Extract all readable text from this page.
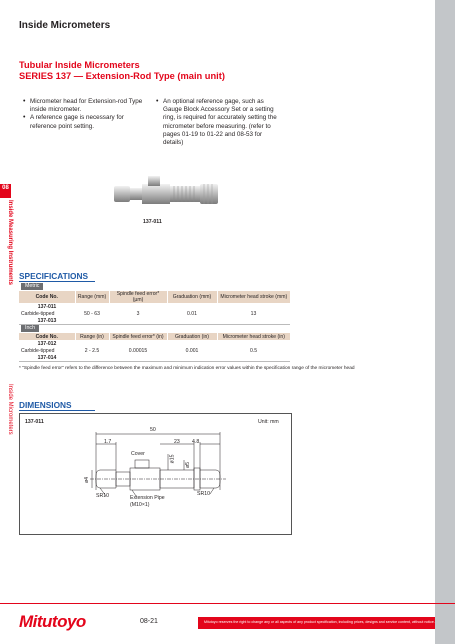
08
Inside Measuring Instruments
Inside Micrometers
Inside Micrometers
Tubular Inside Micrometers
SERIES 137 — Extension-Rod Type (main unit)
• Micrometer head for Extension-rod Type inside micrometer.
• A reference gage is necessary for reference point setting.
• An optional reference gage, such as Gauge Block Accessory Set or a setting ring, is required for accurately setting the micrometer before measuring. (refer to pages 01-19 to 01-22 and 08-53 for details)
137-011
SPECIFICATIONS
Metric
Code No.	Range (mm)	Spindle feed error* (µm)	Graduation (mm)	Micrometer head stroke (mm)
137-011	50 - 63	3	0.01	13
Carbide-tipped				
137-013				
Inch
Code No.	Range (in)	Spindle feed error* (in)	Graduation (in)	Micrometer head stroke (in)
137-012	2 - 2.5	0.00015	0.001	0.5
Carbide-tipped				
137-014				
* "Spindle feed error" refers to the difference between the maximum and minimum indication error values within the specification range of the micrometer head
DIMENSIONS
137-011	Unit: mm
50
1.7	23 4.8
Cover
ø15
ø5
ø4
SR10	SR10
Extension Pipe
(M10×1)
Mitutoyo	08-21	Mitutoyo reserves the right to change any or all aspects of any product specification, including prices, designs and service content, without notice.
